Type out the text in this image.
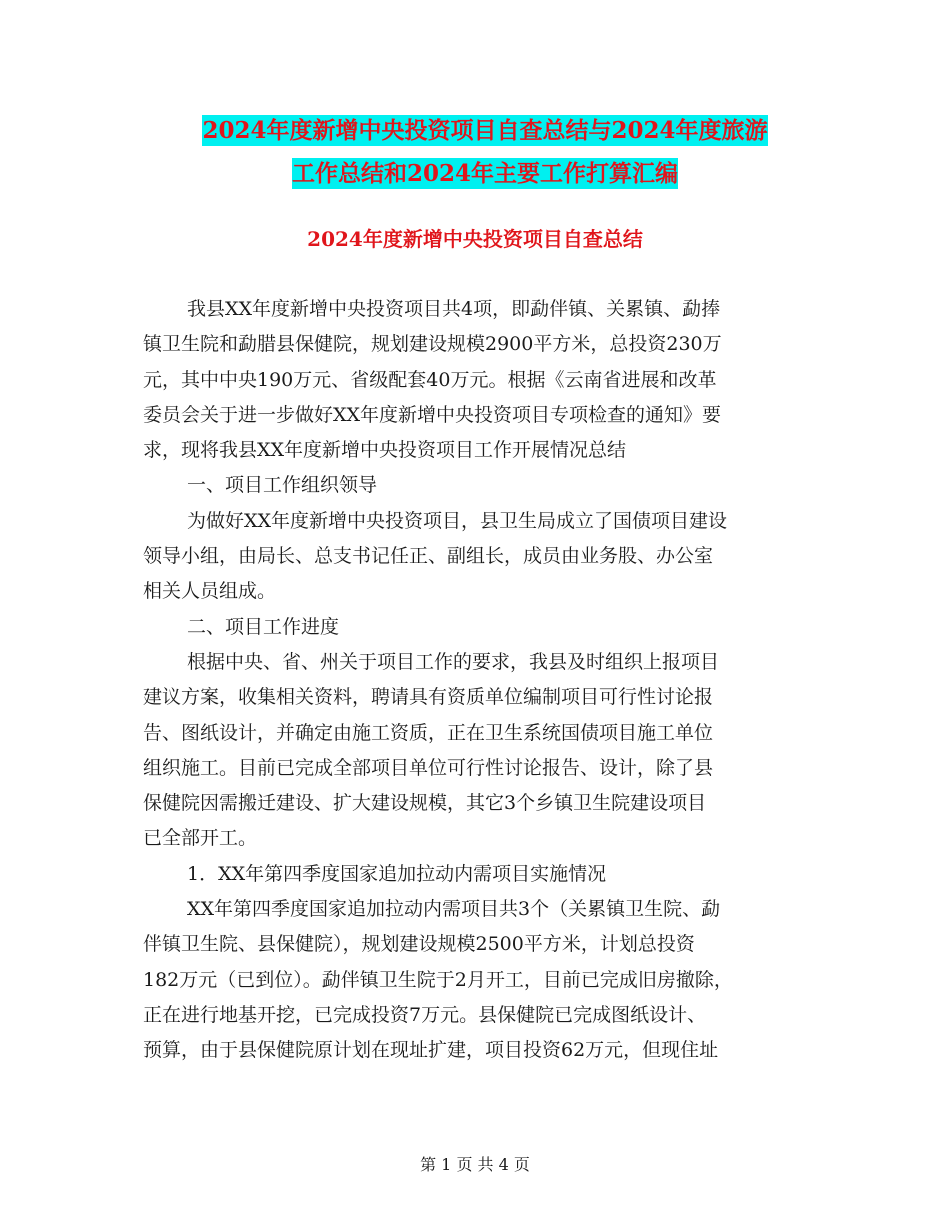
2024年度新增中央投资项目自查总结与2024年度旅游
工作总结和2024年主要工作打算汇编
2024年度新增中央投资项目自查总结
我县XX年度新增中央投资项目共4项，即勐伴镇、关累镇、勐捧
镇卫生院和勐腊县保健院，规划建设规模2900平方米，总投资230万
元，其中中央190万元、省级配套40万元。根据《云南省进展和改革
委员会关于进一步做好XX年度新增中央投资项目专项检查的通知》要
求，现将我县XX年度新增中央投资项目工作开展情况总结
一、项目工作组织领导
为做好XX年度新增中央投资项目，县卫生局成立了国债项目建设
领导小组，由局长、总支书记任正、副组长，成员由业务股、办公室
相关人员组成。
二、项目工作进度
根据中央、省、州关于项目工作的要求，我县及时组织上报项目
建议方案，收集相关资料，聘请具有资质单位编制项目可行性讨论报
告、图纸设计，并确定由施工资质，正在卫生系统国债项目施工单位
组织施工。目前已完成全部项目单位可行性讨论报告、设计，除了县
保健院因需搬迁建设、扩大建设规模，其它3个乡镇卫生院建设项目
已全部开工。
1．XX年第四季度国家追加拉动内需项目实施情况
XX年第四季度国家追加拉动内需项目共3个（关累镇卫生院、勐
伴镇卫生院、县保健院），规划建设规模2500平方米，计划总投资
182万元（已到位）。勐伴镇卫生院于2月开工，目前已完成旧房撤除，
正在进行地基开挖，已完成投资7万元。县保健院已完成图纸设计、
预算，由于县保健院原计划在现址扩建，项目投资62万元，但现住址
第 1 页 共 4 页
